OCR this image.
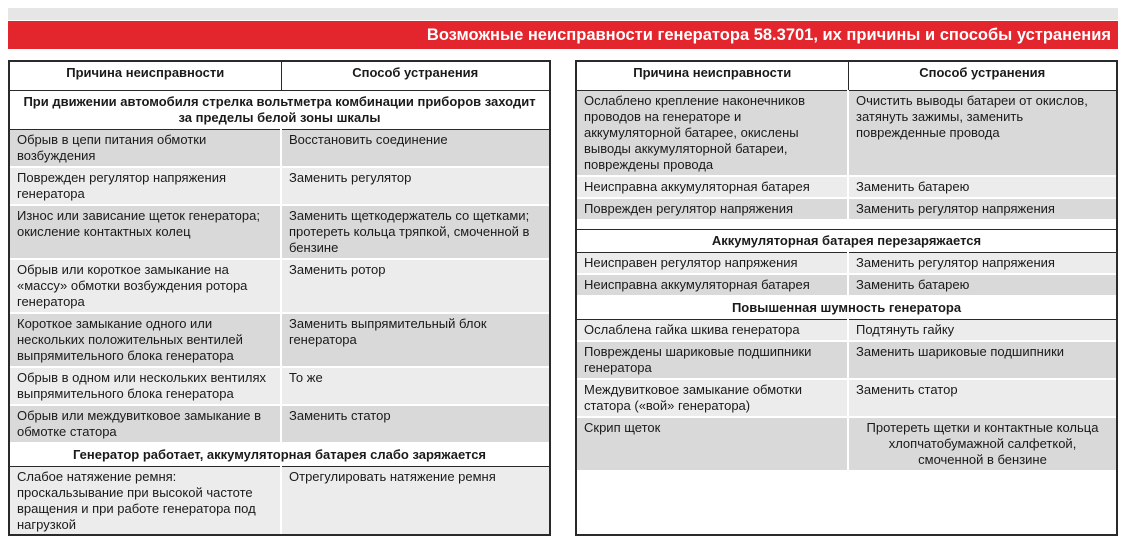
Возможные неисправности генератора 58.3701, их причины и способы устранения
Причина неисправности	Способ устранения
При движении автомобиля стрелка вольтметра комбинации приборов заходит за пределы белой зоны шкалы	
Обрыв в цепи питания обмотки возбуждения	Восстановить соединение
Поврежден регулятор напряжения генератора	Заменить регулятор
Износ или зависание щеток генератора; окисление контактных колец	Заменить щеткодержатель со щетками; протереть кольца тряпкой, смоченной в бензине
Обрыв или короткое замыкание на «массу» обмотки возбуждения ротора генератора	Заменить ротор
Короткое замыкание одного или нескольких положительных вентилей выпрямительного блока генератора	Заменить выпрямительный блок генератора
Обрыв в одном или нескольких вентилях выпрямительного блока генератора	То же
Обрыв или междувитковое замыкание в обмотке статора	Заменить статор
Генератор работает, аккумуляторная батарея слабо заряжается	
Слабое натяжение ремня: проскальзывание при высокой частоте вращения и при работе генератора под нагрузкой	Отрегулировать натяжение ремня
Причина неисправности	Способ устранения
Ослаблено крепление наконечников проводов на генераторе и аккумуляторной батарее, окислены выводы аккумуляторной батареи, повреждены провода	Очистить выводы батареи от окислов, затянуть зажимы, заменить поврежденные провода
Неисправна аккумуляторная батарея	Заменить батарею
Поврежден регулятор напряжения	Заменить регулятор напряжения

Аккумуляторная батарея перезаряжается	
Неисправен регулятор напряжения	Заменить регулятор напряжения
Неисправна аккумуляторная батарея	Заменить батарею
Повышенная шумность генератора	
Ослаблена гайка шкива генератора	Подтянуть гайку
Повреждены шариковые подшипники генератора	Заменить шариковые подшипники
Междувитковое замыкание обмотки статора («вой» генератора)	Заменить статор
Скрип щеток	Протереть щетки и контактные кольца хлопчатобумажной салфеткой, смоченной в бензине
